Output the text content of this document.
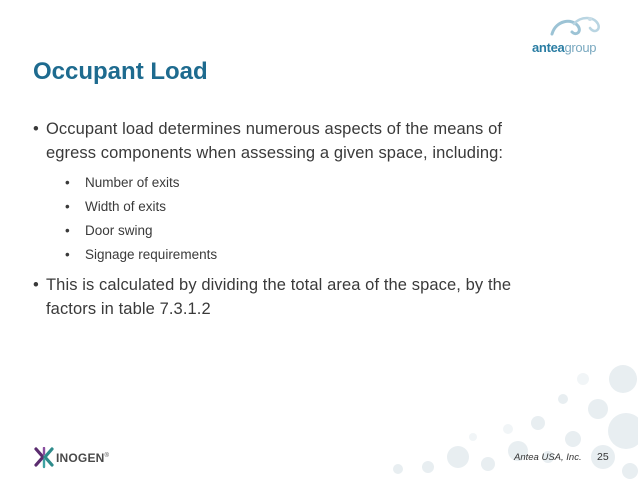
anteagroup
Occupant Load
• Occupant load determines numerous aspects of the means of
egress components when assessing a given space, including:
• Number of exits
• Width of exits
• Door swing
• Signage requirements
• This is calculated by dividing the total area of the space, by the
factors in table 7.3.1.2
INOGEN®	Antea USA, Inc. 25
